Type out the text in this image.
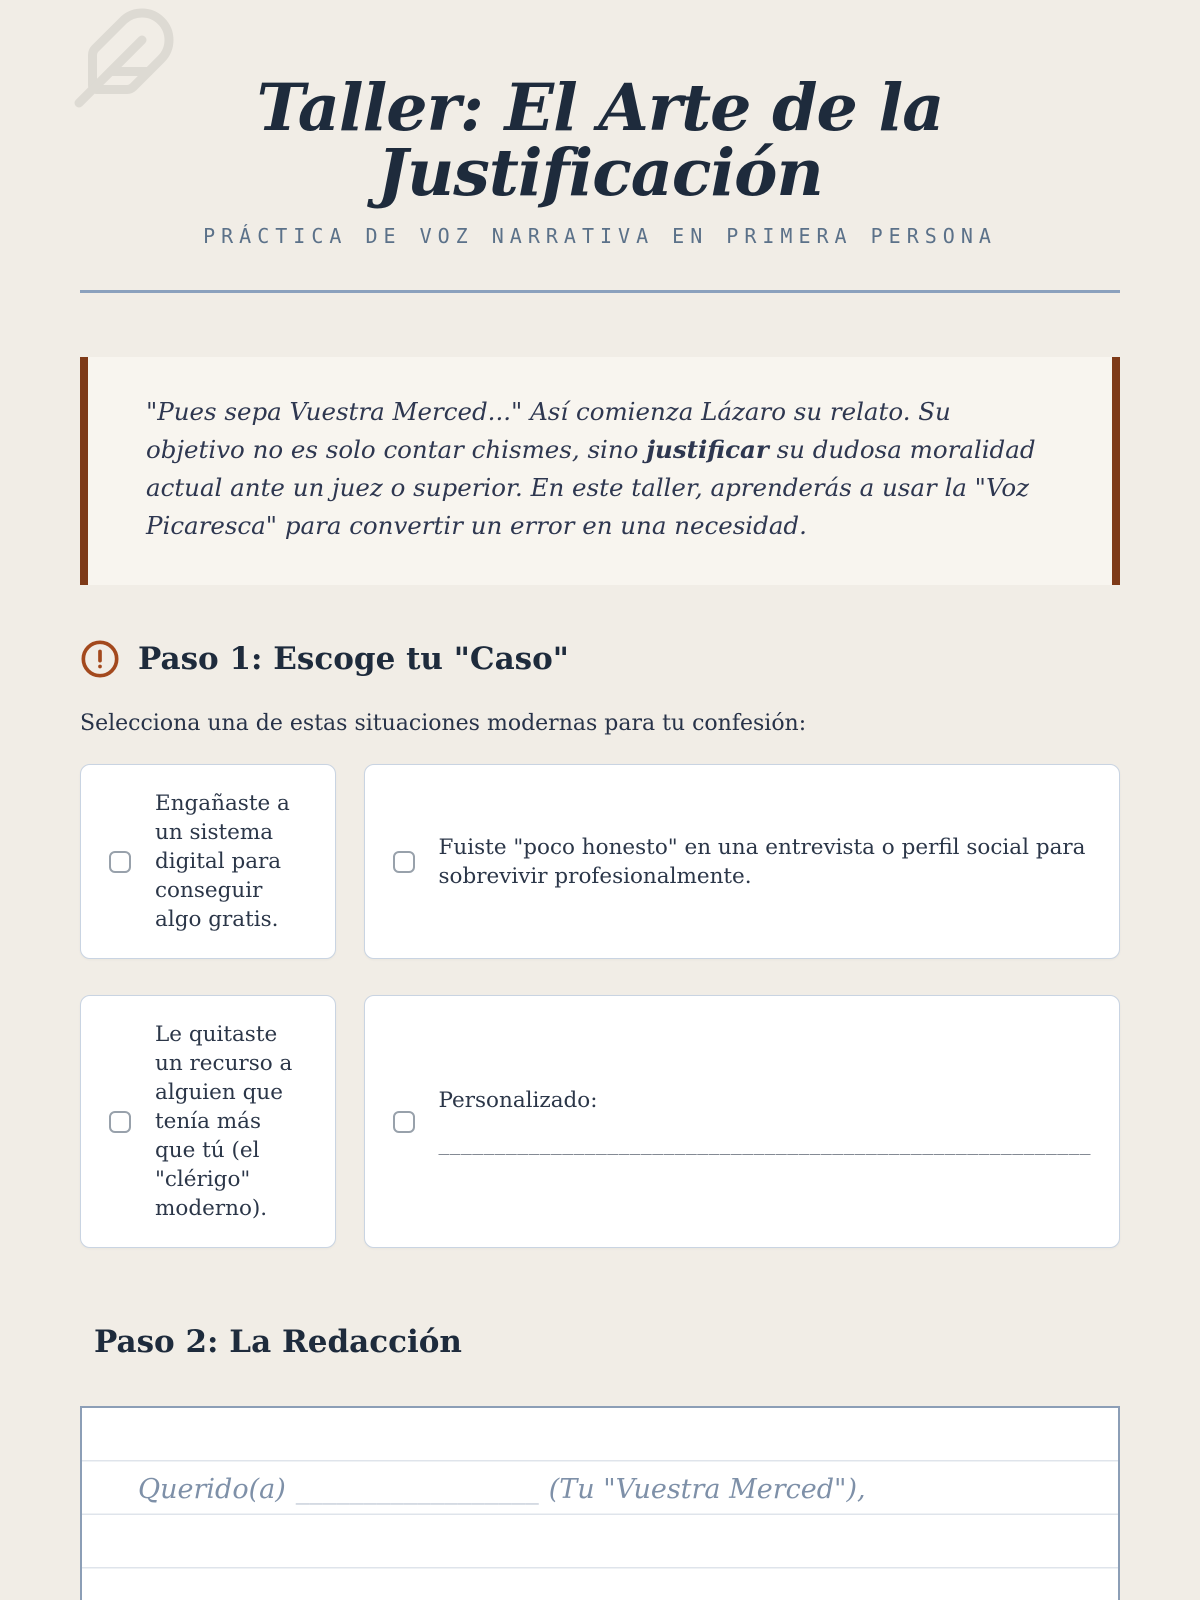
Taller: El Arte de la Justificación
PRÁCTICA DE VOZ NARRATIVA EN PRIMERA PERSONA

"Pues sepa Vuestra Merced..." Así comienza Lázaro su relato. Su objetivo no es solo contar chismes, sino justificar su dudosa moralidad actual ante un juez o superior. En este taller, aprenderás a usar la "Voz Picaresca" para convertir un error en una necesidad.

Paso 1: Escoge tu "Caso"

Selecciona una de estas situaciones modernas para tu confesión:

Engañaste a un sistema digital para conseguir algo gratis.
Fuiste "poco honesto" en una entrevista o perfil social para sobrevivir profesionalmente.
Le quitaste un recurso a alguien que tenía más que tú (el "clérigo" moderno).
Personalizado:
__________________________________________________________
Paso 2: La Redacción

Querido(a) __________________ (Tu "Vuestra Merced"),
